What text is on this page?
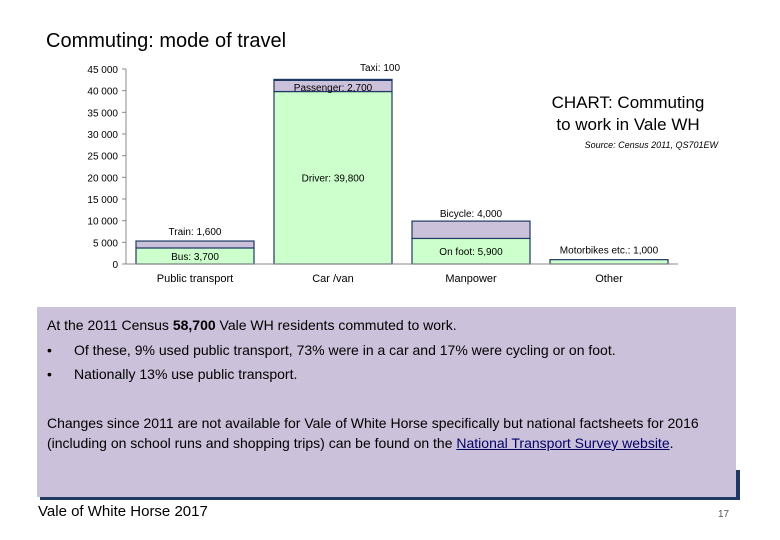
Commuting: mode of travel
0
5 000
10 000
15 000
20 000
25 000
30 000
35 000
40 000
45 000
Bus: 3,700
Train: 1,600
Driver: 39,800
Passenger: 2,700
Taxi: 100
On foot: 5,900
Bicycle: 4,000
Motorbikes etc.: 1,000
Public transport	Car /van	Manpower	Other
CHART: Commuting
to work in Vale WH
Source: Census 2011, QS701EW
At the 2011 Census 58,700 Vale WH residents commuted to work.
• Of these, 9% used public transport, 73% were in a car and 17% were cycling or on foot.
• Nationally 13% use public transport.
Changes since 2011 are not available for Vale of White Horse specifically but national factsheets for 2016 (including on school runs and shopping trips) can be found on the National Transport Survey website.
Vale of White Horse 2017	17
